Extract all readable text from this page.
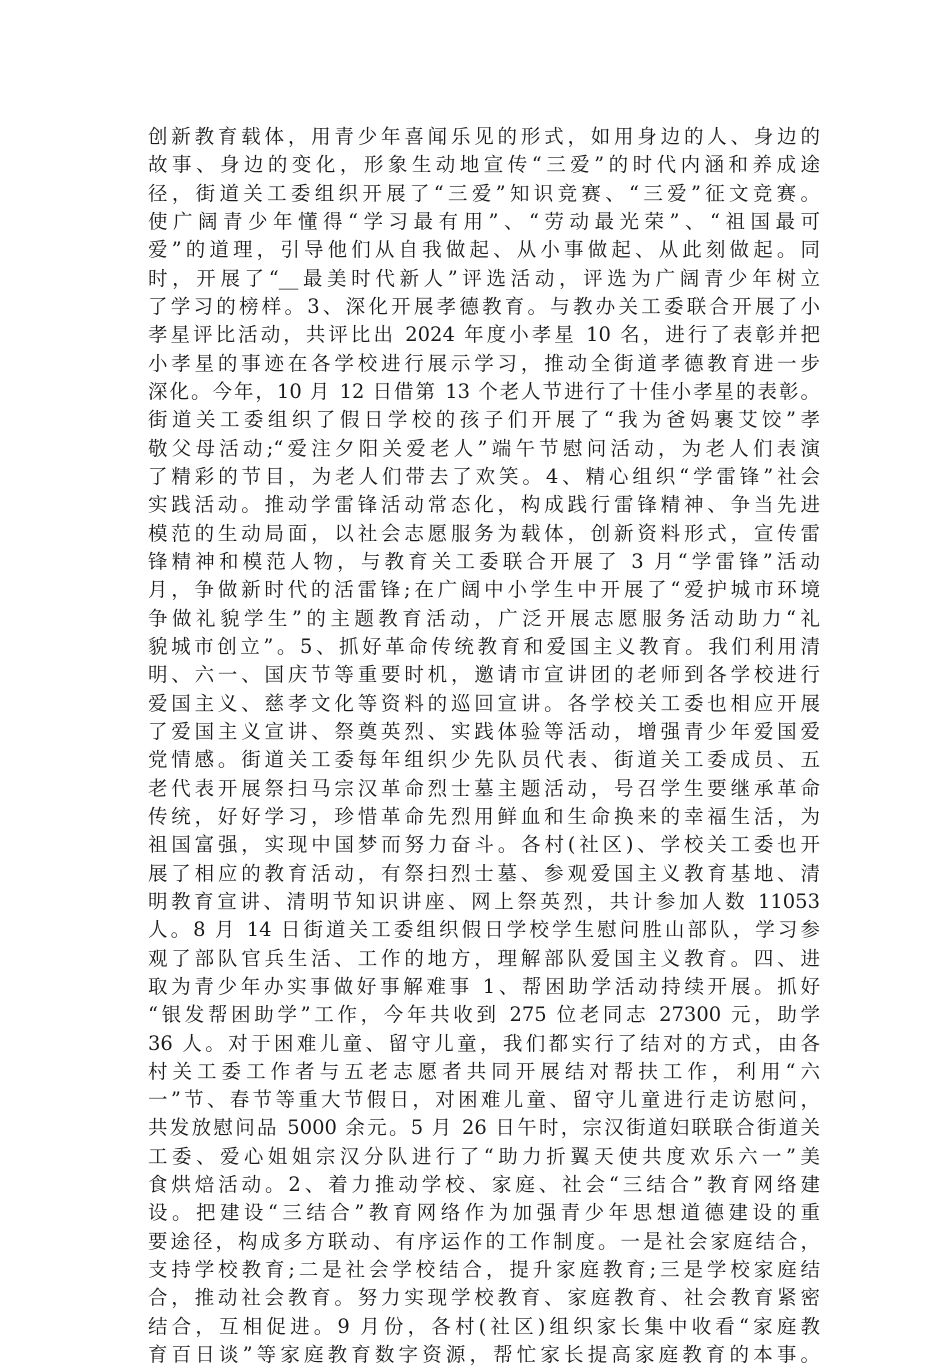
创新教育载体，用青少年喜闻乐见的形式，如用身边的人、身边的
故事、身边的变化，形象生动地宣传“三爱”的时代内涵和养成途
径，街道关工委组织开展了“三爱”知识竞赛、“三爱”征文竞赛。
使广阔青少年懂得“学习最有用”、“劳动最光荣”、“祖国最可
爱”的道理，引导他们从自我做起、从小事做起、从此刻做起。同
时，开展了“__最美时代新人”评选活动，评选为广阔青少年树立
了学习的榜样。3、深化开展孝德教育。与教办关工委联合开展了小
孝星评比活动，共评比出 2024 年度小孝星 10 名，进行了表彰并把
小孝星的事迹在各学校进行展示学习，推动全街道孝德教育进一步
深化。今年，10 月 12 日借第 13 个老人节进行了十佳小孝星的表彰。
街道关工委组织了假日学校的孩子们开展了“我为爸妈裹艾饺”孝
敬父母活动;“爱注夕阳关爱老人”端午节慰问活动，为老人们表演
了精彩的节目，为老人们带去了欢笑。4、精心组织“学雷锋”社会
实践活动。推动学雷锋活动常态化，构成践行雷锋精神、争当先进
模范的生动局面，以社会志愿服务为载体，创新资料形式，宣传雷
锋精神和模范人物，与教育关工委联合开展了 3 月“学雷锋”活动
月，争做新时代的活雷锋;在广阔中小学生中开展了“爱护城市环境
争做礼貌学生”的主题教育活动，广泛开展志愿服务活动助力“礼
貌城市创立”。5、抓好革命传统教育和爱国主义教育。我们利用清
明、六一、国庆节等重要时机，邀请市宣讲团的老师到各学校进行
爱国主义、慈孝文化等资料的巡回宣讲。各学校关工委也相应开展
了爱国主义宣讲、祭奠英烈、实践体验等活动，增强青少年爱国爱
党情感。街道关工委每年组织少先队员代表、街道关工委成员、五
老代表开展祭扫马宗汉革命烈士墓主题活动，号召学生要继承革命
传统，好好学习，珍惜革命先烈用鲜血和生命换来的幸福生活，为
祖国富强，实现中国梦而努力奋斗。各村(社区)、学校关工委也开
展了相应的教育活动，有祭扫烈士墓、参观爱国主义教育基地、清
明教育宣讲、清明节知识讲座、网上祭英烈，共计参加人数 11053
人。8 月 14 日街道关工委组织假日学校学生慰问胜山部队，学习参
观了部队官兵生活、工作的地方，理解部队爱国主义教育。四、进
取为青少年办实事做好事解难事 1、帮困助学活动持续开展。抓好
“银发帮困助学”工作，今年共收到 275 位老同志 27300 元，助学
36 人。对于困难儿童、留守儿童，我们都实行了结对的方式，由各
村关工委工作者与五老志愿者共同开展结对帮扶工作，利用“六
一”节、春节等重大节假日，对困难儿童、留守儿童进行走访慰问，
共发放慰问品 5000 余元。5 月 26 日午时，宗汉街道妇联联合街道关
工委、爱心姐姐宗汉分队进行了“助力折翼天使共度欢乐六一”美
食烘焙活动。2、着力推动学校、家庭、社会“三结合”教育网络建
设。把建设“三结合”教育网络作为加强青少年思想道德建设的重
要途径，构成多方联动、有序运作的工作制度。一是社会家庭结合，
支持学校教育;二是社会学校结合，提升家庭教育;三是学校家庭结
合，推动社会教育。努力实现学校教育、家庭教育、社会教育紧密
结合，互相促进。9 月份，各村(社区)组织家长集中收看“家庭教
育百日谈”等家庭教育数字资源，帮忙家长提高家庭教育的本事。
